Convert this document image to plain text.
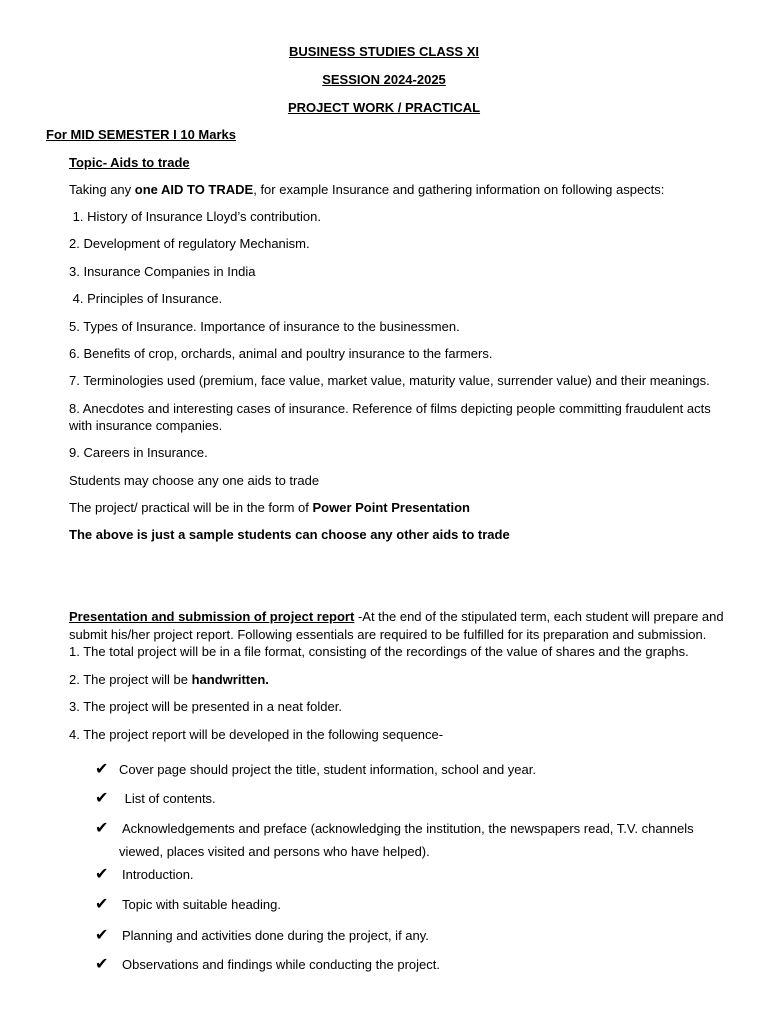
BUSINESS STUDIES CLASS XI
SESSION 2024-2025
PROJECT WORK / PRACTICAL
For MID SEMESTER I 10 Marks
Topic- Aids to trade
Taking any one AID TO TRADE, for example Insurance and gathering information on following aspects:
1. History of Insurance Lloyd’s contribution.
2. Development of regulatory Mechanism.
3. Insurance Companies in India
4. Principles of Insurance.
5. Types of Insurance. Importance of insurance to the businessmen.
6. Benefits of crop, orchards, animal and poultry insurance to the farmers.
7. Terminologies used (premium, face value, market value, maturity value, surrender value) and their meanings.
8. Anecdotes and interesting cases of insurance. Reference of films depicting people committing fraudulent acts
with insurance companies.
9. Careers in Insurance.
Students may choose any one aids to trade
The project/ practical will be in the form of Power Point Presentation
The above is just a sample students can choose any other aids to trade
Presentation and submission of project report -At the end of the stipulated term, each student will prepare and
submit his/her project report. Following essentials are required to be fulfilled for its preparation and submission.
1. The total project will be in a file format, consisting of the recordings of the value of shares and the graphs.
2. The project will be handwritten.
3. The project will be presented in a neat folder.
4. The project report will be developed in the following sequence-
✔ Cover page should project the title, student information, school and year.
✔ List of contents.
✔ Acknowledgements and preface (acknowledging the institution, the newspapers read, T.V. channels
viewed, places visited and persons who have helped).
✔ Introduction.
✔ Topic with suitable heading.
✔ Planning and activities done during the project, if any.
✔ Observations and findings while conducting the project.
